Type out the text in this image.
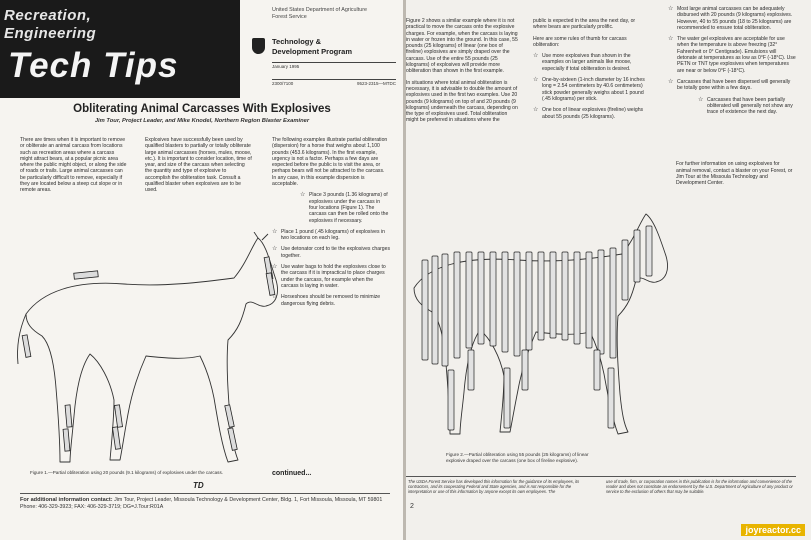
Recreation,
Engineering
Tech Tips
United States Department of Agriculture
Forest Service
Technology &
Development Program
January 1995
2300/7100	9523-2315—MTDC
Obliterating Animal Carcasses With Explosives
Jim Tour, Project Leader, and Mike Knodel, Northern Region Blaster Examiner

There are times when it is important to remove or obliterate an animal carcass from locations such as recreation areas where a carcass might attract bears, at a popular picnic area where the public might object, or along the side of roads or trails. Large animal carcasses can be particularly difficult to remove, especially if they are located below a steep cut slope or in remote areas.

Explosives have successfully been used by qualified blasters to partially or totally obliterate large animal carcasses (horses, mules, moose, etc.). It is important to consider location, time of year, and size of the carcass when selecting the quantity and type of explosive to accomplish the obliteration task. Consult a qualified blaster when explosives are to be used.

The following examples illustrate partial obliteration (dispersion) for a horse that weighs about 1,100 pounds (453.6 kilograms). In the first example, urgency is not a factor. Perhaps a few days are expected before the public is to visit the area, or perhaps bears will not be attracted to the carcass. In any case, in this example dispersion is acceptable.

☆ Place 3 pounds (1.36 kilograms) of explosives under the carcass in four locations (Figure 1). The carcass can then be rolled onto the explosives if necessary.
☆ Place 1 pound (.45 kilograms) of explosives in two locations on each leg.
☆ Use detonator cord to tie the explosives charges together.
☆ Use water bags to hold the explosives close to the carcass if it is impractical to place charges under the carcass, for example when the carcass is laying in water.
☆ Horseshoes should be removed to minimize dangerous flying debris.
Figure 1.—Partial obliteration using 20 pounds (9.1 kilograms) of explosives under the carcass.	continued...
TD
For additional information contact: Jim Tour, Project Leader, Missoula Technology & Development Center, Bldg. 1, Fort Missoula, Missoula, MT 59801 Phone: 406-329-3923; FAX: 406-329-3719; DG=J.Tour:R01A

Figure 2 shows a similar example where it is not practical to move the carcass onto the explosive charges. For example, when the carcass is laying in water or frozen into the ground. In this case, 55 pounds (25 kilograms) of linear (one box of fireline) explosives are simply draped over the carcass. Use of the entire 55 pounds (25 kilograms) of explosives will provide more obliteration than shown in the first example.

In situations where total animal obliteration is necessary, it is advisable to double the amount of explosives used in the first two examples. Use 20 pounds (9 kilograms) on top of and 20 pounds (9 kilograms) underneath the carcass, depending on the type of explosives used. Total obliteration might be preferred in situations where the

public is expected in the area the next day, or where bears are particularly prolific.

Here are some rules of thumb for carcass obliteration:

☆ Use more explosives than shown in the examples on larger animals like moose, especially if total obliteration is desired.
☆ One-by-sixteen (1-inch diameter by 16 inches long = 2.54 centimeters by 40.6 centimeters) stick powder generally weighs about 1 pound (.45 kilograms) per stick.
☆ One box of linear explosives (fireline) weighs about 55 pounds (25 kilograms).
☆ Most large animal carcasses can be adequately disbursed with 20 pounds (9 kilograms) explosives. However, 40 to 55 pounds (18 to 25 kilograms) are recommended to ensure total obliteration.
☆ The water gel explosives are acceptable for use when the temperature is above freezing (32° Fahrenheit or 0° Centigrade). Emulsions will detonate at temperatures as low as 0°F (-18°C). Use PETN or TNT type explosives when temperatures are near or below 0°F (-18°C).
☆ Carcasses that have been dispersed will generally be totally gone within a few days.
☆ Carcasses that have been partially obliterated will generally not show any trace of existence the next day.
For further information on using explosives for animal removal, contact a blaster on your Forest, or Jim Tour at the Missoula Technology and Development Center.
Figure 2.—Partial obliteration using 55 pounds (25 kilograms) of linear explosive draped over the carcass (one box of fireline explosive).
The USDA Forest Service has developed this information for the guidance of its employees, its contractors, and its cooperating Federal and State agencies, and is not responsible for the interpretation or use of this information by anyone except its own employees. The
use of trade, firm, or corporation names in this publication is for the information and convenience of the reader and does not constitute an endorsement by the U.S. Department of Agriculture of any product or service to the exclusion of others that may be suitable.
2
joyreactor.cc
